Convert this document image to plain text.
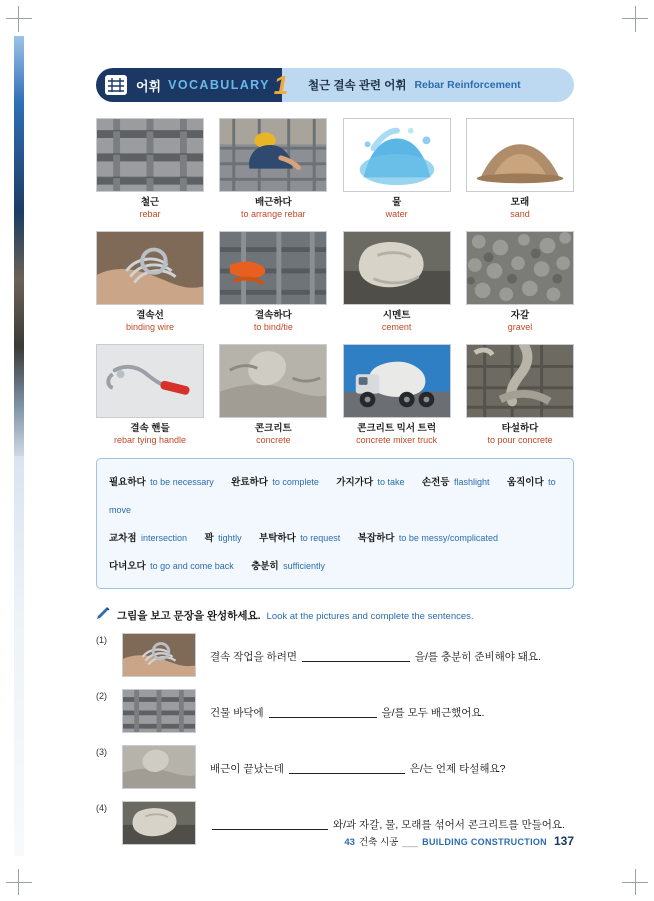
어휘 VOCABULARY 1	철근 결속 관련 어휘 Rebar Reinforcement
철근
rebar
배근하다
to arrange rebar
물
water
모래
sand
결속선
binding wire
결속하다
to bind/tie
시멘트
cement
자갈
gravel
결속 핸들
rebar tying handle
콘크리트
concrete
콘크리트 믹서 트럭
concrete mixer truck
타설하다
to pour concrete
필요하다 to be necessary 완료하다 to complete 가지가다 to take 손전등 flashlight 움직이다 to move
교차점 intersection 꽉 tightly 부탁하다 to request 복잡하다 to be messy/complicated
다녀오다 to go and come back 충분히 sufficiently
그림을 보고 문장을 완성하세요. Look at the pictures and complete the sentences.
(1)
결속 작업을 하려면	을/를 충분히 준비해야 돼요.
(2)
건물 바닥에	을/를 모두 배근했어요.
(3)
배근이 끝났는데	은/는 언제 타설해요?
(4)
와/과 자갈, 물, 모래를 섞어서 콘크리트를 만들어요.
43 건축 시공 ___ BUILDING CONSTRUCTION 137
